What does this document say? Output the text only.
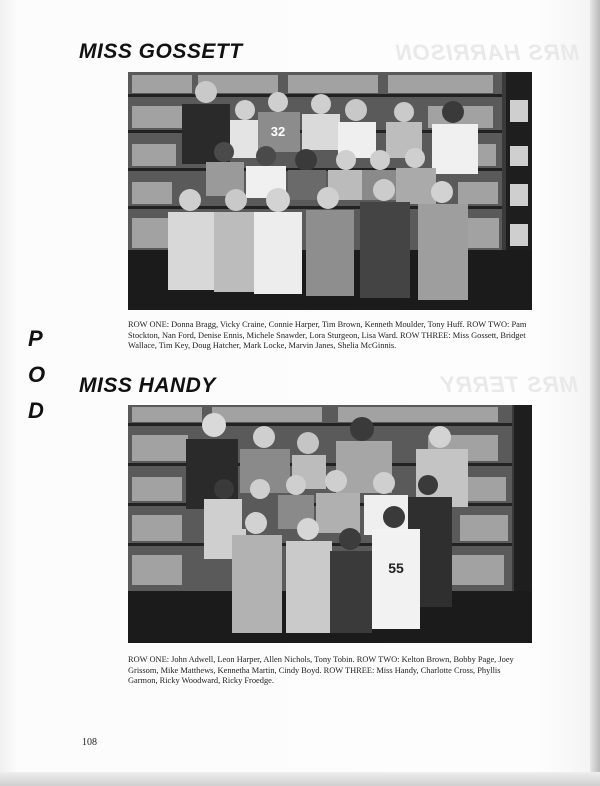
MRS HARRISON
MRS TERRY
MISS GOSSETT
32
ROW ONE: Donna Bragg, Vicky Craine, Connie Harper, Tim Brown, Kenneth Moulder, Tony Huff. ROW TWO: Pam Stockton, Nan Ford, Denise Ennis, Michele Snawder, Lora Sturgeon, Lisa Ward. ROW THREE: Miss Gossett, Bridget Wallace, Tim Key, Doug Hatcher, Mark Locke, Marvin Janes, Shelia McGinnis.
P
O
D
MISS HANDY
55
ROW ONE: John Adwell, Leon Harper, Allen Nichols, Tony Tobin. ROW TWO: Kelton Brown, Bobby Page, Joey Grissom, Mike Matthews, Kennetha Martin, Cindy Boyd. ROW THREE: Miss Handy, Charlotte Cross, Phyllis Garmon, Ricky Woodward, Ricky Froedge.
108
